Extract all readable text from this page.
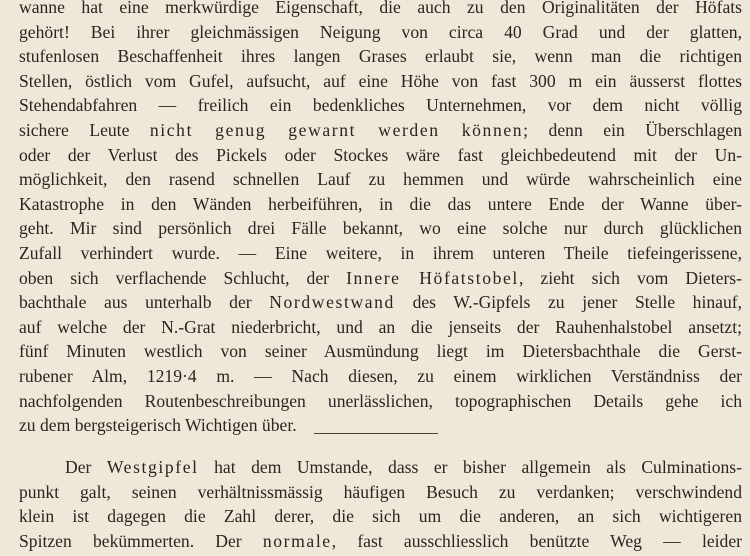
wanne hat eine merkwürdige Eigenschaft, die auch zu den Originalitäten der Höfats

gehört! Bei ihrer gleichmässigen Neigung von circa 40 Grad und der glatten,

stufenlosen Beschaffenheit ihres langen Grases erlaubt sie, wenn man die richtigen

Stellen, östlich vom Gufel, aufsucht, auf eine Höhe von fast 300 m ein äusserst flottes

Stehendabfahren — freilich ein bedenkliches Unternehmen, vor dem nicht völlig

sichere Leute nicht genug gewarnt werden können; denn ein Überschlagen

oder der Verlust des Pickels oder Stockes wäre fast gleichbedeutend mit der Un-

möglichkeit, den rasend schnellen Lauf zu hemmen und würde wahrscheinlich eine

Katastrophe in den Wänden herbeiführen, in die das untere Ende der Wanne über-

geht. Mir sind persönlich drei Fälle bekannt, wo eine solche nur durch glücklichen

Zufall verhindert wurde. — Eine weitere, in ihrem unteren Theile tiefeingerissene,

oben sich verflachende Schlucht, der Innere Höfatstobel, zieht sich vom Dieters-

bachthale aus unterhalb der Nordwestwand des W.-Gipfels zu jener Stelle hinauf,

auf welche der N.-Grat niederbricht, und an die jenseits der Rauhenhalstobel ansetzt;

fünf Minuten westlich von seiner Ausmündung liegt im Dietersbachthale die Gerst-

rubener Alm, 1219·4 m. — Nach diesen, zu einem wirklichen Verständniss der

nachfolgenden Routenbeschreibungen unerlässlichen, topographischen Details gehe ich

zu dem bergsteigerisch Wichtigen über.

Der Westgipfel hat dem Umstande, dass er bisher allgemein als Culminations-

punkt galt, seinen verhältnissmässig häufigen Besuch zu verdanken; verschwindend

klein ist dagegen die Zahl derer, die sich um die anderen, an sich wichtigeren

Spitzen bekümmerten. Der normale, fast ausschliesslich benützte Weg — leider
